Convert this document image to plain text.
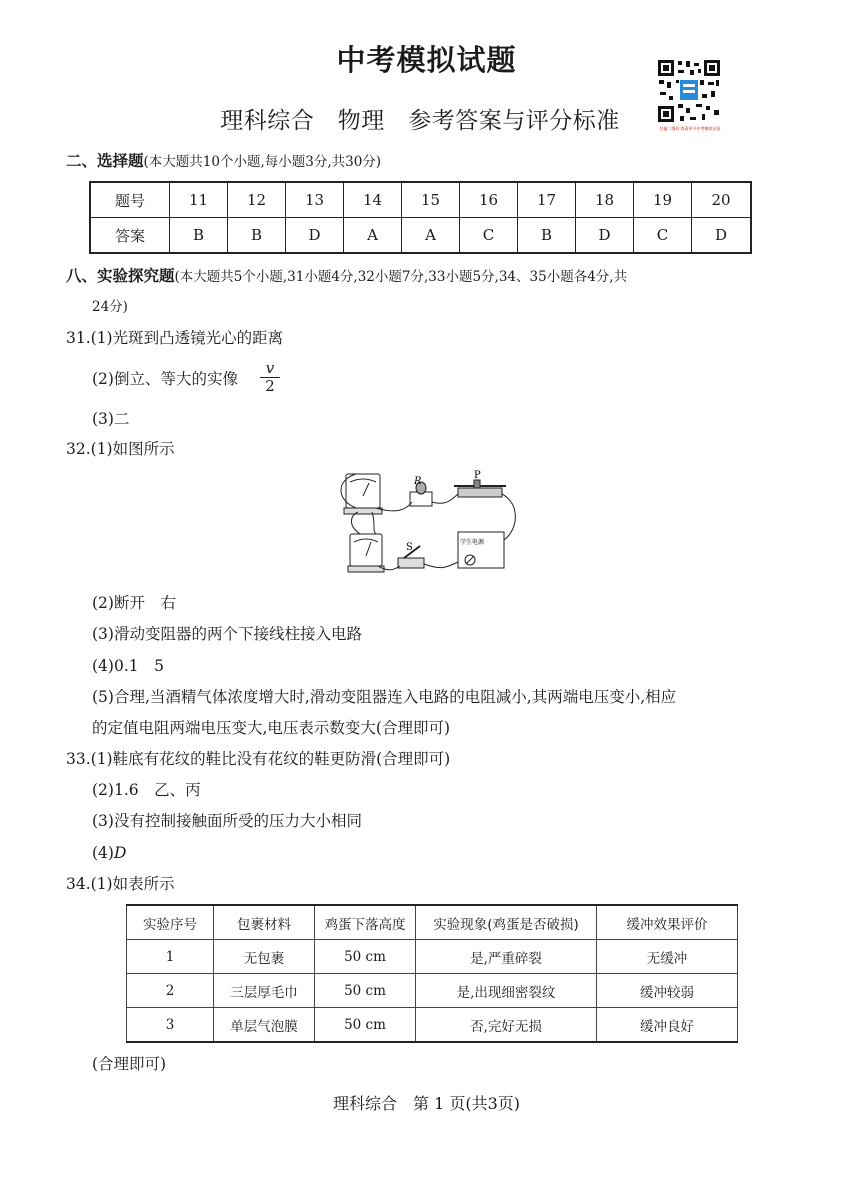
中考模拟试题
理科综合　物理　参考答案与评分标准	扫描二维码 查看更多中考模拟试卷
二、选择题(本大题共10个小题,每小题3分,共30分)
题号	11	12	13	14	15	16	17	18	19	20
答案	B	B	D	A	A	C	B	D	C	D
八、实验探究题(本大题共5个小题,31小题4分,32小题7分,33小题5分,34、35小题各4分,共
24分)
31.(1)光斑到凸透镜光心的距离
(2)倒立、等大的实像 $\frac{v}{2}$
(3)二
32.(1)如图所示
R
P
S	学生电源
(2)断开　右
(3)滑动变阻器的两个下接线柱接入电路
(4)0.1　5
(5)合理,当酒精气体浓度增大时,滑动变阻器连入电路的电阻减小,其两端电压变小,相应
的定值电阻两端电压变大,电压表示数变大(合理即可)
33.(1)鞋底有花纹的鞋比没有花纹的鞋更防滑(合理即可)
(2)1.6　乙、丙
(3)没有控制接触面所受的压力大小相同
(4)D
34.(1)如表所示
实验序号	包裹材料	鸡蛋下落高度	实验现象(鸡蛋是否破损)	缓冲效果评价
1	无包裹	50 cm	是,严重碎裂	无缓冲
2	三层厚毛巾	50 cm	是,出现细密裂纹	缓冲较弱
3	单层气泡膜	50 cm	否,完好无损	缓冲良好
(合理即可)
理科综合　第 1 页(共3页)
